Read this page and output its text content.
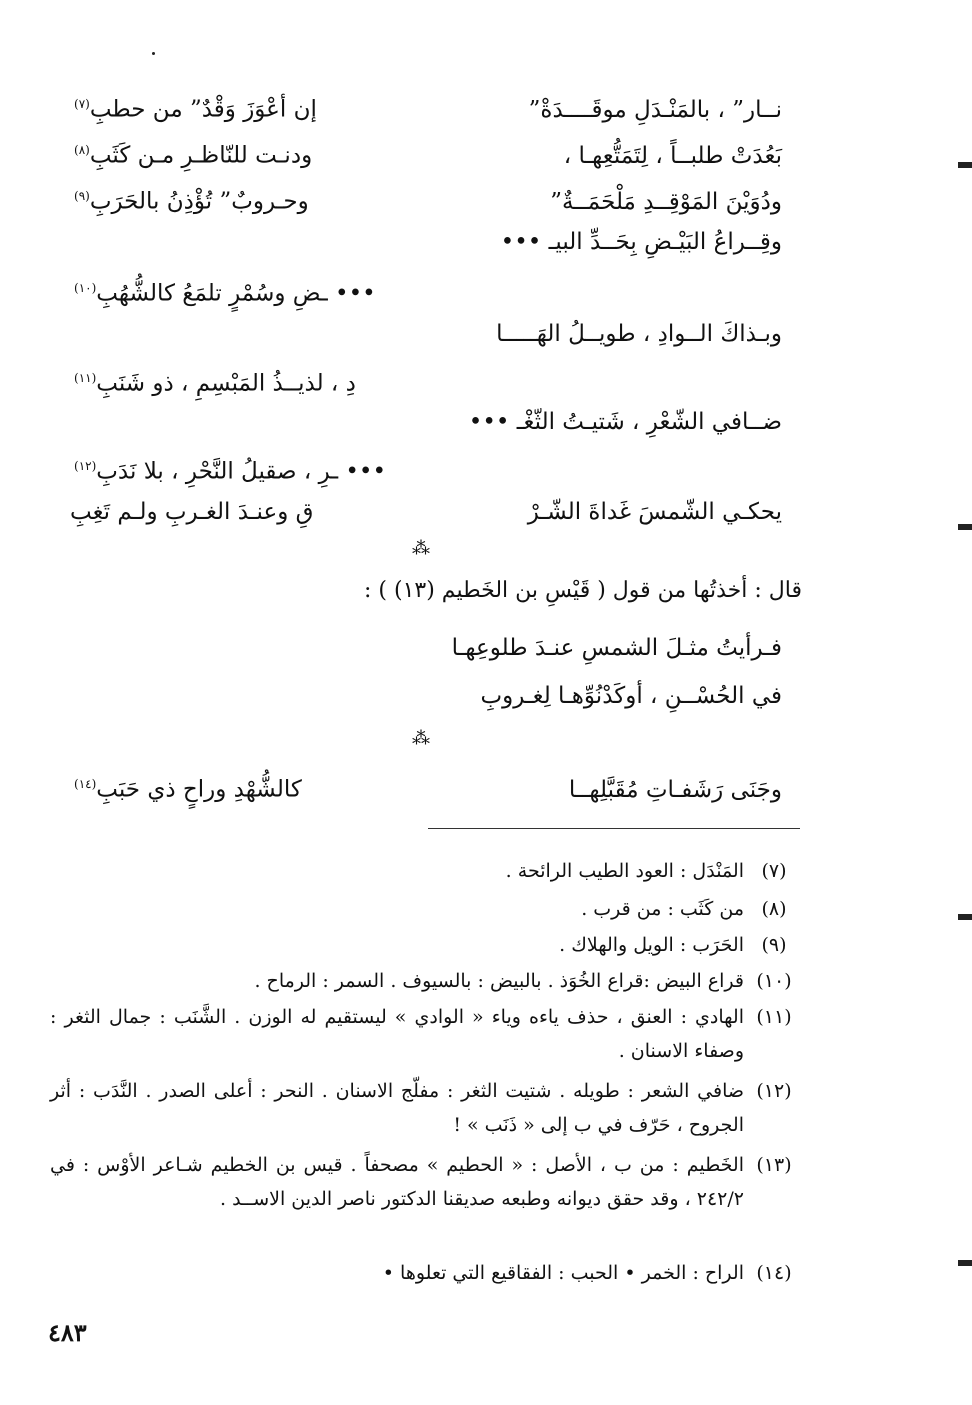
نــار” ، بالمَنْـدَلِ موقَــــدَةْ”
إن أعْوَزَ وَقْدٌ” من حطبِ$^{(٧)}$
بَعُدَتْ طلبــاً ، لِتَمَتُّعِهـا ،
ودنـت للنّاظـرِ مـن كَثَبِ$^{(٨)}$
ودُوَيْنَ المَوْقِــدِ مَلْحَمَــةٌ”
وحـروبٌ” تُؤْذِنُ بالحَرَبِ$^{(٩)}$
وقِــراعُ البَيْـضِ بِحَــدِّ البيـ •••
••• ـضِ وسُمْرٍ تلمَعُ كالشُّهُبِ$^{(١٠)}$
وبـذاكَ الــوادِ ، طويــلُ الهَـــــا
دِ ، لذيــذُ المَبْسِمِ ، ذو شَنَبِ$^{(١١)}$
ضــافي الشّعْرِ ، شَتيـتُ الثّغْـ •••
••• ـرِ ، صقيلُ النَّحْرِ ، بلا نَدَبِ$^{(١٢)}$
يحكـي الشّمسَ غَداةَ الشّـرْ
قِ وعنـدَ الغـربِ ولـم تَغِبِ
⁂
قال : أخذتُها من قول ( قَيْسِ بن الخَطيم (١٣) ) :
فـرأيتُ مثـلَ الشمسِ عنـدَ طلوعِهـا
في الحُسْــنِ ، أوكَدْنُوِّهـا لِغـروبِ
⁂
وجَنَى رَشَفـاتِ مُقَبَّلِهــا
كالشُّهْدِ وراحٍ ذي حَبَبِ$^{(١٤)}$
(٧)
المَنْدَل : العود الطيب الرائحة .
(٨)
من كَثَب : من قرب .
(٩)
الحَرَب : الويل والهلاك .
(١٠)
قراع البيض :قراع الخُوَذ . بالبيض : بالسيوف . السمر : الرماح .
(١١)
الهادي : العنق ، حذف ياءه وياء « الوادي » ليستقيم له الوزن . الشَّنَب : جمال الثغر : وصفاء الاسنان .
(١٢)
ضافي الشعر : طويله . شتيت الثغر : مفلّج الاسنان . النحر : أعلى الصدر . النَّدَب : أثر الجروح ، حَرّف في ب إلى « ذَنَب » !
(١٣)
الخَطيم : من ب ، الأصل : « الحطيم » مصحفاً . قيس بن الخطيم شـاعر الأوْس : في ٢٤٢/٢ ، وقد حقق ديوانه وطبعه صديقنا الدكتور ناصر الدين الاســد .
(١٤)
الراح : الخمر • الحبب : الفقاقيع التي تعلوها •
٤٨٣
